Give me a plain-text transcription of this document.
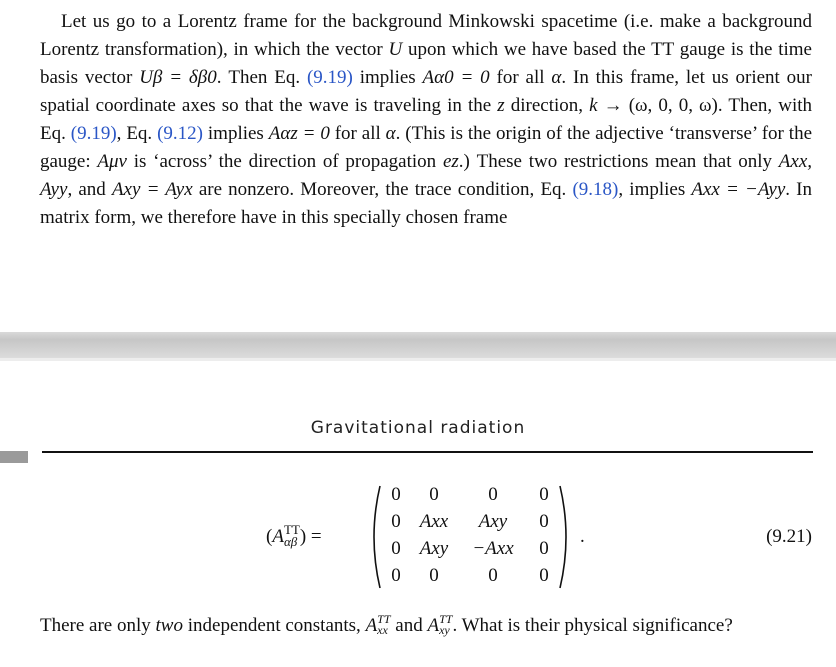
Let us go to a Lorentz frame for the background Minkowski spacetime (i.e. make a background Lorentz transformation), in which the vector U upon which we have based the TT gauge is the time basis vector Uβ = δβ0. Then Eq. (9.19) implies Aα0 = 0 for all α. In this frame, let us orient our spatial coordinate axes so that the wave is traveling in the z direction, k → (ω, 0, 0, ω). Then, with Eq. (9.19), Eq. (9.12) implies Aαz = 0 for all α. (This is the origin of the adjective ‘transverse’ for the gauge: Aμν is ‘across’ the direction of propagation ez.) These two restrictions mean that only Axx, Ayy, and Axy = Ayx are nonzero. Moreover, the trace condition, Eq. (9.18), implies Axx = −Ayy. In matrix form, we therefore have in this specially chosen frame

Gravitational radiation
(A TT
αβ ) =
0	0	0	0
0	Axx	Axy	0
0	Axy	−Axx	0
0	0	0	0
.	(9.21)

There are only two independent constants, A TT
xx and A TT
xy . What is their physical significance?
